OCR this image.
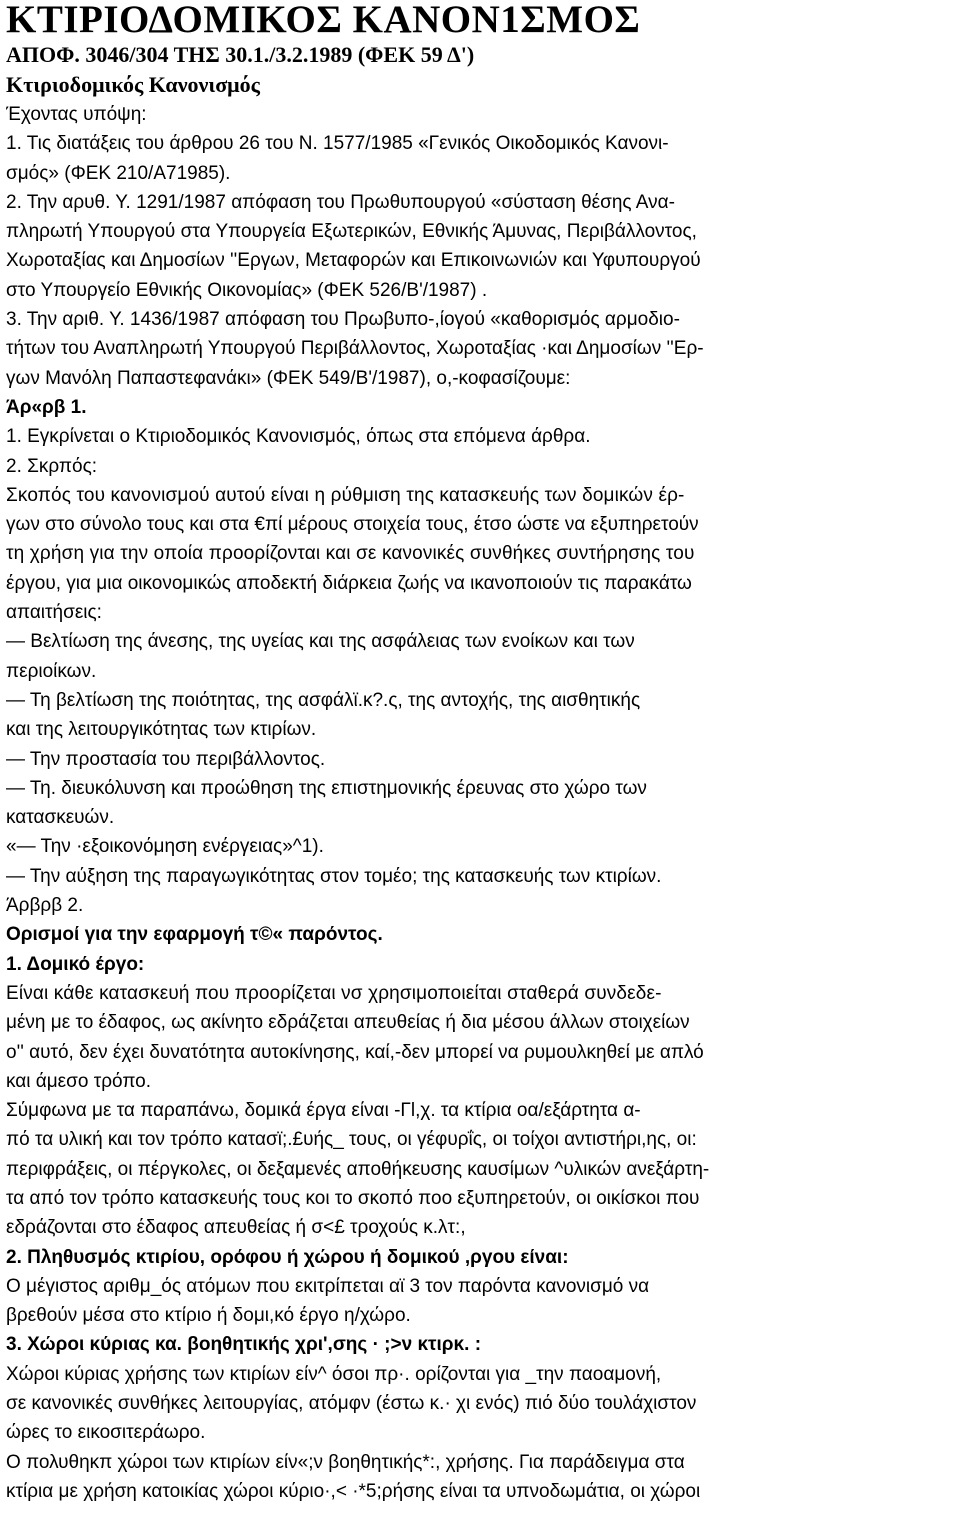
ΚΤΙΡΙΟΔΟΜΙΚΟΣ ΚΑΝΟΝ1ΣΜΟΣ
ΑΠΟΦ. 3046/304 ΤΗΣ 30.1./3.2.1989 (ΦΕΚ 59 Δ')
Κτιριοδομικός Κανονισμός
Έχοντας υπόψη:
1. Τις διατάξεις του άρθρου 26 του Ν. 1577/1985 «Γενικός Οικοδομικός Κανονι-
σμός» (ΦΕΚ 210/Α71985).
2. Την αρυθ. Υ. 1291/1987 απόφαση του Πρωθυπουργού «σύσταση θέσης Ανα-
πληρωτή Υπουργού στα Υπουργεία Εξωτερικών, Εθνικής Άμυνας, Περιβάλλοντος,
Χωροταξίας και Δημοσίων ''Εργων, Μεταφορών και Επικοινωνιών και Υφυπουργού
στο Υπουργείο Εθνικής Οικονομίας» (ΦΕΚ 526/Β'/1987) .
3. Την αριθ. Υ. 1436/1987 απόφαση του Πρωβυπο-,ίογού «καθορισμός αρμοδιο-
τήτων του Αναπληρωτή Υπουργού Περιβάλλοντος, Χωροταξίας ·και Δημοσίων ''Ερ-
γων Μανόλη Παπαστεφανάκι» (ΦΕΚ 549/Β'/1987), ο,-κοφασίζουμε:
Άρ«ρβ 1.
1. Εγκρίνεται ο Κτιριοδομικός Κανονισμός, όπως στα επόμενα άρθρα.
2. Σκρπός:
Σκοπός του κανονισμού αυτού είναι η ρύθμιση της κατασκευής των δομικών έρ-
γων στο σύνολο τους και στα €πί μέρους στοιχεία τους, έτσο ώστε να εξυπηρετούν
τη χρήση για την οποία προορίζονται και σε κανονικές συνθήκες συντήρησης του
έργου, για μια οικονομικώς αποδεκτή διάρκεια ζωής να ικανοποιούν τις παρακάτω
απαιτήσεις:
— Βελτίωση της άνεσης, της υγείας και της ασφάλειας των ενοίκων και των
περιοίκων.
— Τη βελτίωση της ποιότητας, της ασφάλϊ.κ?.ς, της αντοχής, της αισθητικής
και της λειτουργικότητας των κτιρίων.
— Την προστασία του περιβάλλοντος.
— Τη. διευκόλυνση και προώθηση της επιστημονικής έρευνας στο χώρο των
κατασκευών.
«— Την ·εξοικονόμηση ενέργειας»^1).
— Την αύξηση της παραγωγικότητας στον τομέο; της κατασκευής των κτιρίων.
Άρβρβ 2.
Ορισμοί για την εφαρμογή τ©« παρόντος.
1. Δομικό έργο:
Είναι κάθε κατασκευή που προορίζεται νσ χρησιμοποιείται σταθερά συνδεδε-
μένη με το έδαφος, ως ακίνητο εδράζεται απευθείας ή δια μέσου άλλων στοιχείων
ο'' αυτό, δεν έχει δυνατότητα αυτοκίνησης, καί,-δεν μπορεί να ρυμουλκηθεί με απλό
και άμεσο τρόπο.
Σύμφωνα με τα παραπάνω, δομικά έργα είναι -Γl,χ. τα κτίρια οα/εξάρτητα α-
πό τα υλική και τον τρόπο κατασϊ;.£υής_ τους, οι γέφυρΐς, οι τοίχοι αντιστήρι,ης, οι:
περιφράξεις, οι πέργκολες, οι δεξαμενές αποθήκευσης καυσίμων ^υλικών ανεξάρτη-
τα από τον τρόπο κατασκευής τους κοι το σκοπό ποο εξυπηρετούν, οι οικίσκοι που
εδράζονται στο έδαφος απευθείας ή σ<£ τροχούς κ.λτ:,
2. Πληθυσμός κτιρίου, ορόφου ή χώρου ή δομικού ,ργου είναι:
Ο μέγιστος αριθμ_ός ατόμων που εκιτρίπεται αϊ 3 τον παρόντα κανονισμό να
βρεθούν μέσα στο κτίριο ή δομι,κό έργο η/χώρο.
3. Χώροι κύριας κα. βοηθητικής χρι',σης · ;>ν κτιρκ. :
Χώροι κύριας χρήσης των κτιρίων είν^ όσοι πρ·. ορίζονται για _την παοαμονή,
σε κανονικές συνθήκες λειτουργίας, ατόμφν (έστω κ.· χι ενός) πιό δύο τουλάχιστον
ώρες το εικοσιτεράωρο.
O πολυθηκπ χώροι των κτιρίων είν«;ν βοηθητικής*:, χρήσης. Για παράδειγμα στα
κτίρια με χρήση κατοικίας χώροι κύριο·,< ·*5;ρήσης είναι τα υπνοδωμάτια, οι χώροι
